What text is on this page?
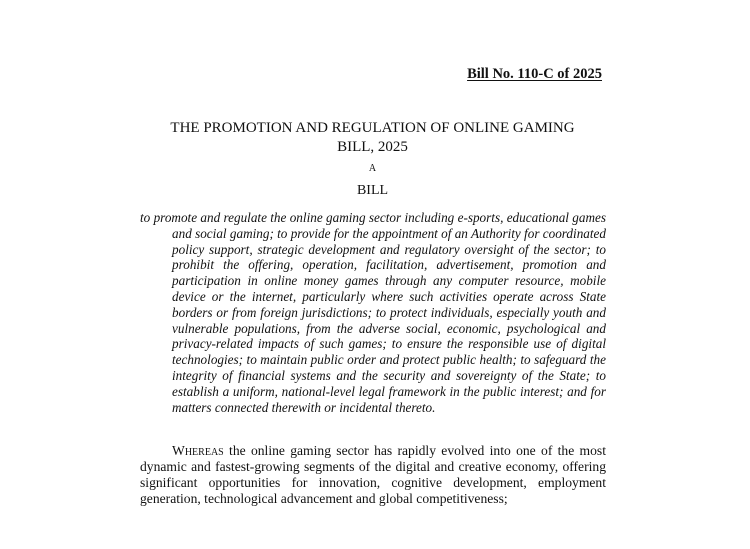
Bill No. 110-C of 2025
THE PROMOTION AND REGULATION OF ONLINE GAMING
BILL, 2025
A
BILL
to promote and regulate the online gaming sector including e-sports, educational games and social gaming; to provide for the appointment of an Authority for coordinated policy support, strategic development and regulatory oversight of the sector; to prohibit the offering, operation, facilitation, advertisement, promotion and participation in online money games through any computer resource, mobile device or the internet, particularly where such activities operate across State borders or from foreign jurisdictions; to protect individuals, especially youth and vulnerable populations, from the adverse social, economic, psychological and privacy-related impacts of such games; to ensure the responsible use of digital technologies; to maintain public order and protect public health; to safeguard the integrity of financial systems and the security and sovereignty of the State; to establish a uniform, national-level legal framework in the public interest; and for matters connected therewith or incidental thereto.
Whereas the online gaming sector has rapidly evolved into one of the most dynamic and fastest-growing segments of the digital and creative economy, offering significant opportunities for innovation, cognitive development, employment generation, technological advancement and global competitiveness;
